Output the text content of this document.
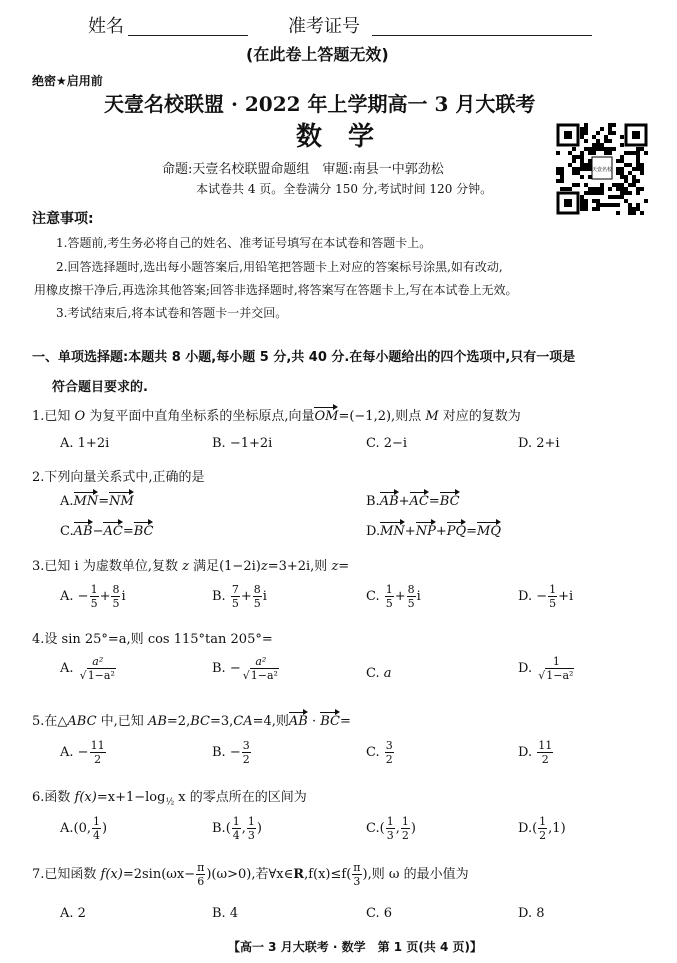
姓名	准考证号
(在此卷上答题无效)
绝密★启用前
天壹名校联盟 · 2022 年上学期高一 3 月大联考
数　学
命题:天壹名校联盟命题组　审题:南县一中郭劲松
本试卷共 4 页。全卷满分 150 分,考试时间 120 分钟。
天壹名校
注意事项:
1.答题前,考生务必将自己的姓名、准考证号填写在本试卷和答题卡上。
2.回答选择题时,选出每小题答案后,用铅笔把答题卡上对应的答案标号涂黑,如有改动,
用橡皮擦干净后,再选涂其他答案;回答非选择题时,将答案写在答题卡上,写在本试卷上无效。
3.考试结束后,将本试卷和答题卡一并交回。
一、单项选择题:本题共 8 小题,每小题 5 分,共 40 分.在每小题给出的四个选项中,只有一项是
符合题目要求的.
1.已知 O 为复平面中直角坐标系的坐标原点,向量OM=(−1,2),则点 M 对应的复数为
A. 1+2i	B. −1+2i	C. 2−i	D. 2+i
2.下列向量关系式中,正确的是
A.MN=NM	B.AB+AC=BC
C.AB−AC=BC	D.MN+NP+PQ=MQ
3.已知 i 为虚数单位,复数 z 满足(1−2i)z=3+2i,则 z=
A. − $\frac{1}{5} + \frac{8}{5}$ i	B. $\frac{7}{5} + \frac{8}{5}$ i	C. $\frac{1}{5} + \frac{8}{5}$ i	D. − $\frac{1}{5} +i$
4.设 sin 25°=a,则 cos 115°tan 205°=
A. $\frac{\text{a²}}{\text{√1−a²}}$	B. − $\frac{\text{a²}}{\text{√1−a²}}$	C. a	D. $\frac{1}{\text{√1−a²}}$
5.在△ABC 中,已知 AB=2,BC=3,CA=4,则AB · BC=
A. − $\frac{11}{2}$	B. − $\frac{3}{2}$	C. $\frac{3}{2}$	D. $\frac{11}{2}$
6.函数 $f(x)=x+1-\log_{\frac{1}{2}}$ x 的零点所在的区间为
A.(0, $\frac{1}{4}$ )	$B.( \frac{1}{4}$ , $\frac{1}{3}$ )	$C.( \frac{1}{3}$ , $\frac{1}{2}$ )	$D.( \frac{1}{2} ,1)$
7.已知函数 $f(x)=2\sin(\omega x- \frac{\pi}{6} )(\omega>0)$,若∀x∈R,f(x)≤f( $\frac{\pi}{3}$ ),则 ω 的最小值为
A. 2	B. 4	C. 6	D. 8
【高一 3 月大联考 · 数学　第 1 页(共 4 页)】
